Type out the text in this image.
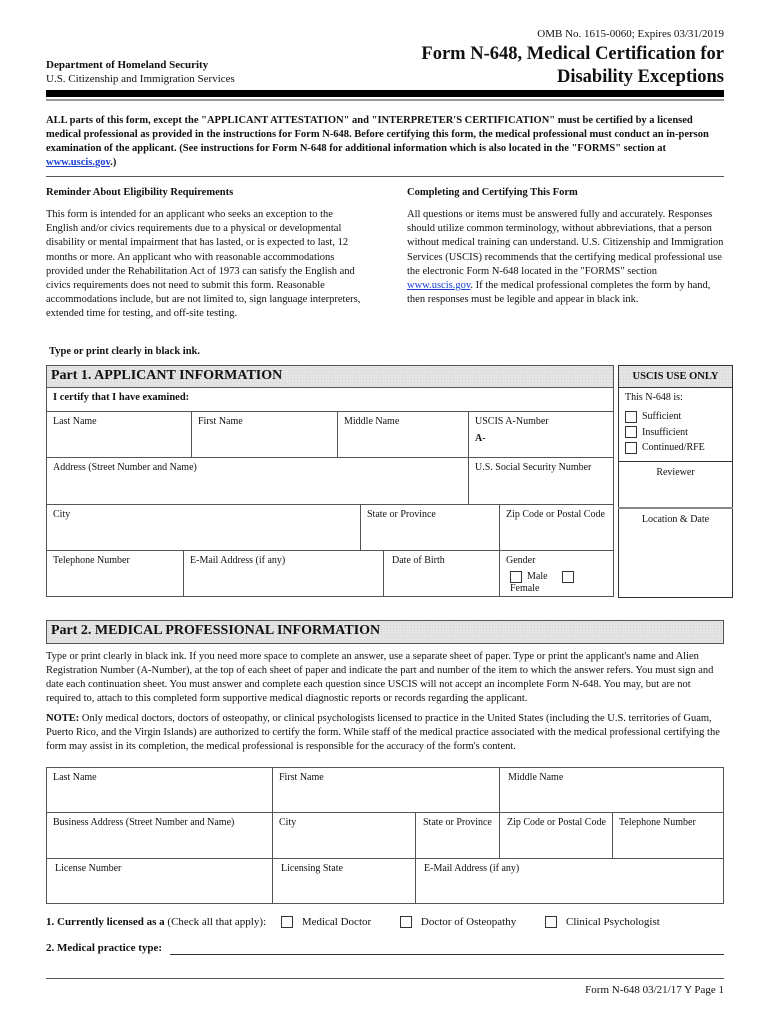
OMB No. 1615-0060; Expires 03/31/2019
Form N-648, Medical Certification for
Disability Exceptions
Department of Homeland Security
U.S. Citizenship and Immigration Services

ALL parts of this form, except the "APPLICANT ATTESTATION" and "INTERPRETER'S CERTIFICATION" must be certified by a licensed medical professional as provided in the instructions for Form N-648. Before certifying this form, the medical professional must conduct an in-person examination of the applicant. (See instructions for Form N-648 for additional information which is also located in the "FORMS" section at www.uscis.gov.)

Reminder About Eligibility Requirements

This form is intended for an applicant who seeks an exception to the English and/or civics requirements due to a physical or developmental disability or mental impairment that has lasted, or is expected to last, 12 months or more. An applicant who with reasonable accommodations provided under the Rehabilitation Act of 1973 can satisfy the English and civics requirements does not need to submit this form. Reasonable accommodations include, but are not limited to, sign language interpreters, extended time for testing, and off-site testing.

Completing and Certifying This Form

All questions or items must be answered fully and accurately. Responses should utilize common terminology, without abbreviations, that a person without medical training can understand. U.S. Citizenship and Immigration Services (USCIS) recommends that the certifying medical professional use the electronic Form N-648 located in the "FORMS" section www.uscis.gov. If the medical professional completes the form by hand, then responses must be legible and appear in black ink.

Type or print clearly in black ink.
Part 1. APPLICANT INFORMATION
I certify that I have examined:
Last Name	First Name	Middle Name	USCIS A-Number
A-
Address (Street Number and Name)	U.S. Social Security Number
City	State or Province	Zip Code or Postal Code
Telephone Number	E-Mail Address (if any)	Date of Birth	Gender
MaleFemale
USCIS USE ONLY
This N-648 is:
Sufficient
Insufficient
Continued/RFE
Reviewer
Location & Date
Part 2. MEDICAL PROFESSIONAL INFORMATION

Type or print clearly in black ink. If you need more space to complete an answer, use a separate sheet of paper. Type or print the applicant's name and Alien Registration Number (A-Number), at the top of each sheet of paper and indicate the part and number of the item to which the answer refers. You must sign and date each continuation sheet. You must answer and complete each question since USCIS will not accept an incomplete Form N-648. You may, but are not required to, attach to this completed form supportive medical diagnostic reports or records regarding the applicant.

NOTE: Only medical doctors, doctors of osteopathy, or clinical psychologists licensed to practice in the United States (including the U.S. territories of Guam, Puerto Rico, and the Virgin Islands) are authorized to certify the form. While staff of the medical practice associated with the medical professional certifying the form may assist in its completion, the medical professional is responsible for the accuracy of the form's content.

Last Name	First Name	Middle Name
Business Address (Street Number and Name)	City	State or Province	Zip Code or Postal Code	Telephone Number
License Number	Licensing State	E-Mail Address (if any)
1. Currently licensed as a (Check all that apply):	Medical Doctor	Doctor of Osteopathy	Clinical Psychologist
2. Medical practice type:
Form N-648 03/21/17 Y Page 1
